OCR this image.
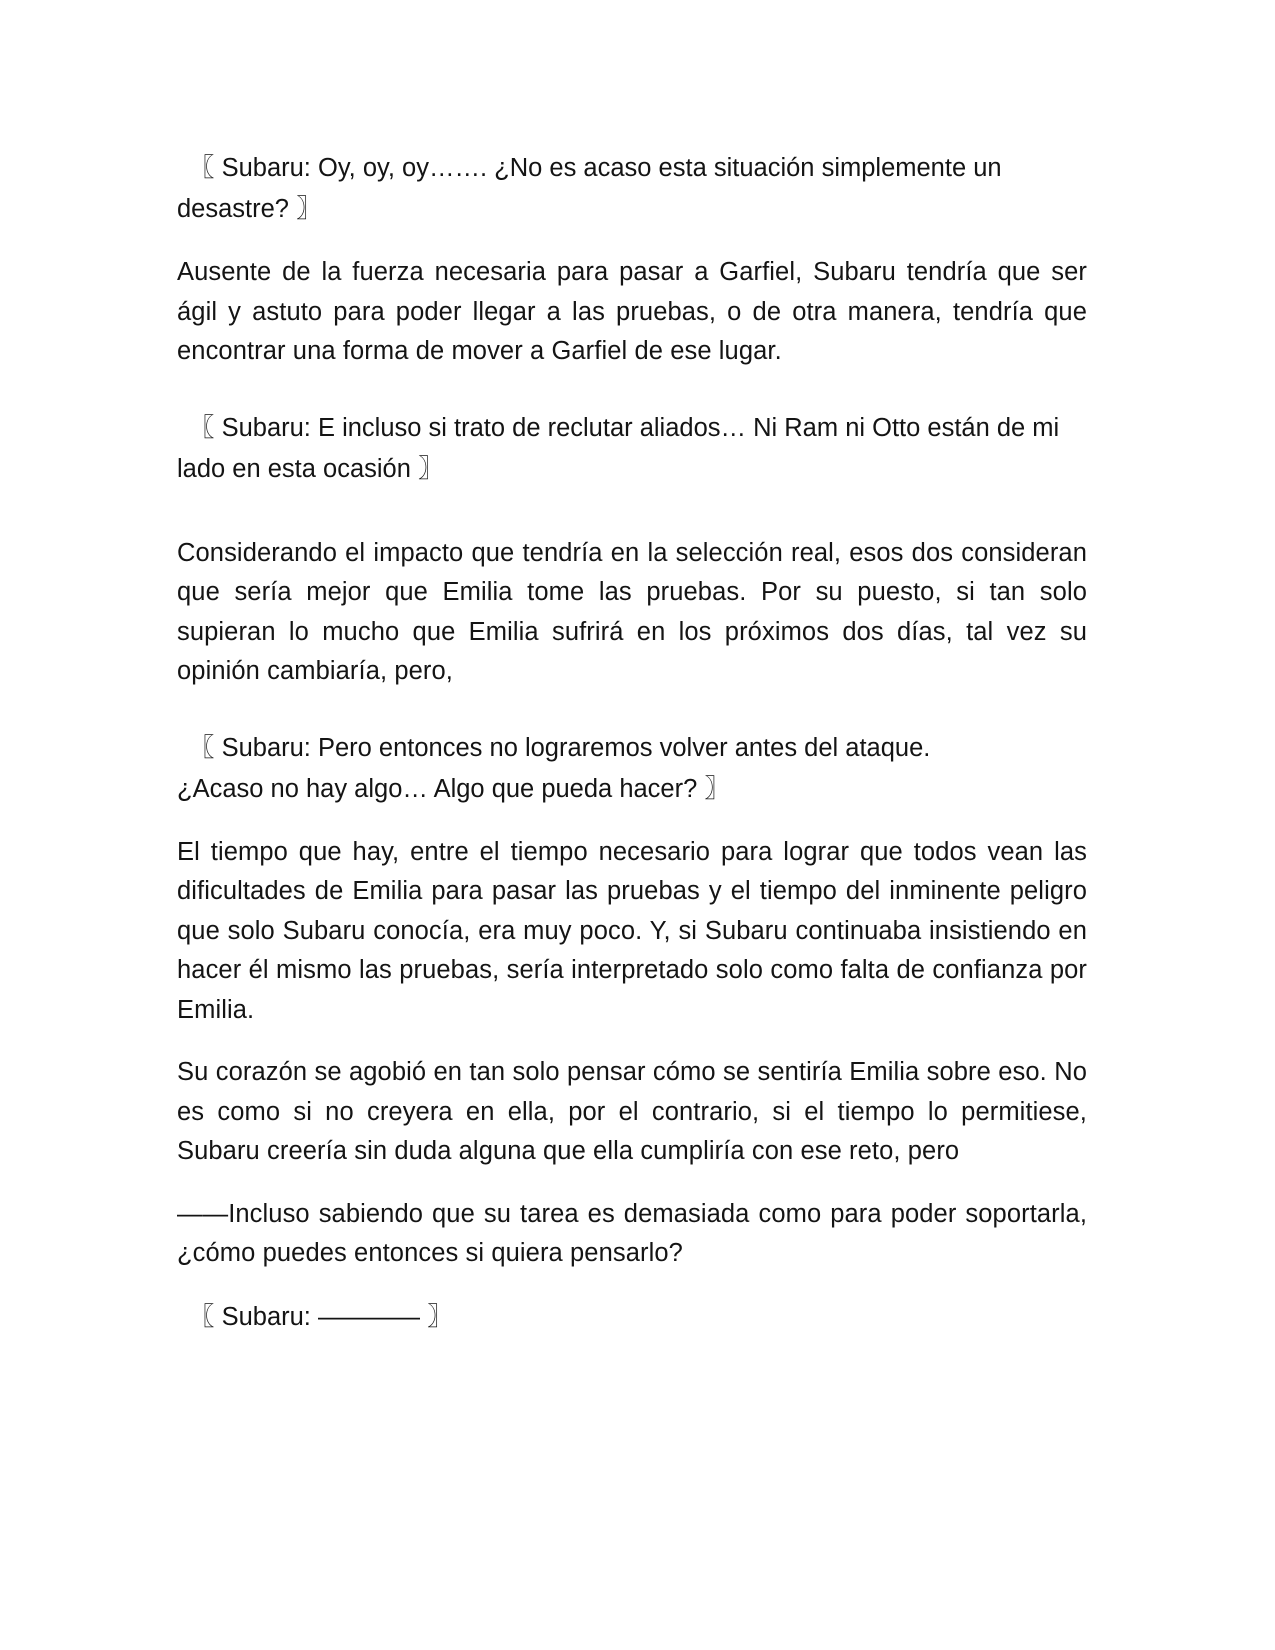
〖 Subaru: Oy, oy, oy……. ¿No es acaso esta situación simplemente un
desastre? 〗

Ausente de la fuerza necesaria para pasar a Garfiel, Subaru tendría que ser ágil y astuto para poder llegar a las pruebas, o de otra manera, tendría que encontrar una forma de mover a Garfiel de ese lugar.

〖 Subaru: E incluso si trato de reclutar aliados… Ni Ram ni Otto están de mi
lado en esta ocasión 〗

Considerando el impacto que tendría en la selección real, esos dos consideran que sería mejor que Emilia tome las pruebas. Por su puesto, si tan solo supieran lo mucho que Emilia sufrirá en los próximos dos días, tal vez su opinión cambiaría, pero,

〖 Subaru: Pero entonces no lograremos volver antes del ataque.
¿Acaso no hay algo… Algo que pueda hacer? 〗

El tiempo que hay, entre el tiempo necesario para lograr que todos vean las dificultades de Emilia para pasar las pruebas y el tiempo del inminente peligro que solo Subaru conocía, era muy poco. Y, si Subaru continuaba insistiendo en hacer él mismo las pruebas, sería interpretado solo como falta de confianza por Emilia.

Su corazón se agobió en tan solo pensar cómo se sentiría Emilia sobre eso. No es como si no creyera en ella, por el contrario, si el tiempo lo permitiese, Subaru creería sin duda alguna que ella cumpliría con ese reto, pero

——Incluso sabiendo que su tarea es demasiada como para poder soportarla, ¿cómo puedes entonces si quiera pensarlo?

〖 Subaru: ———— 〗
